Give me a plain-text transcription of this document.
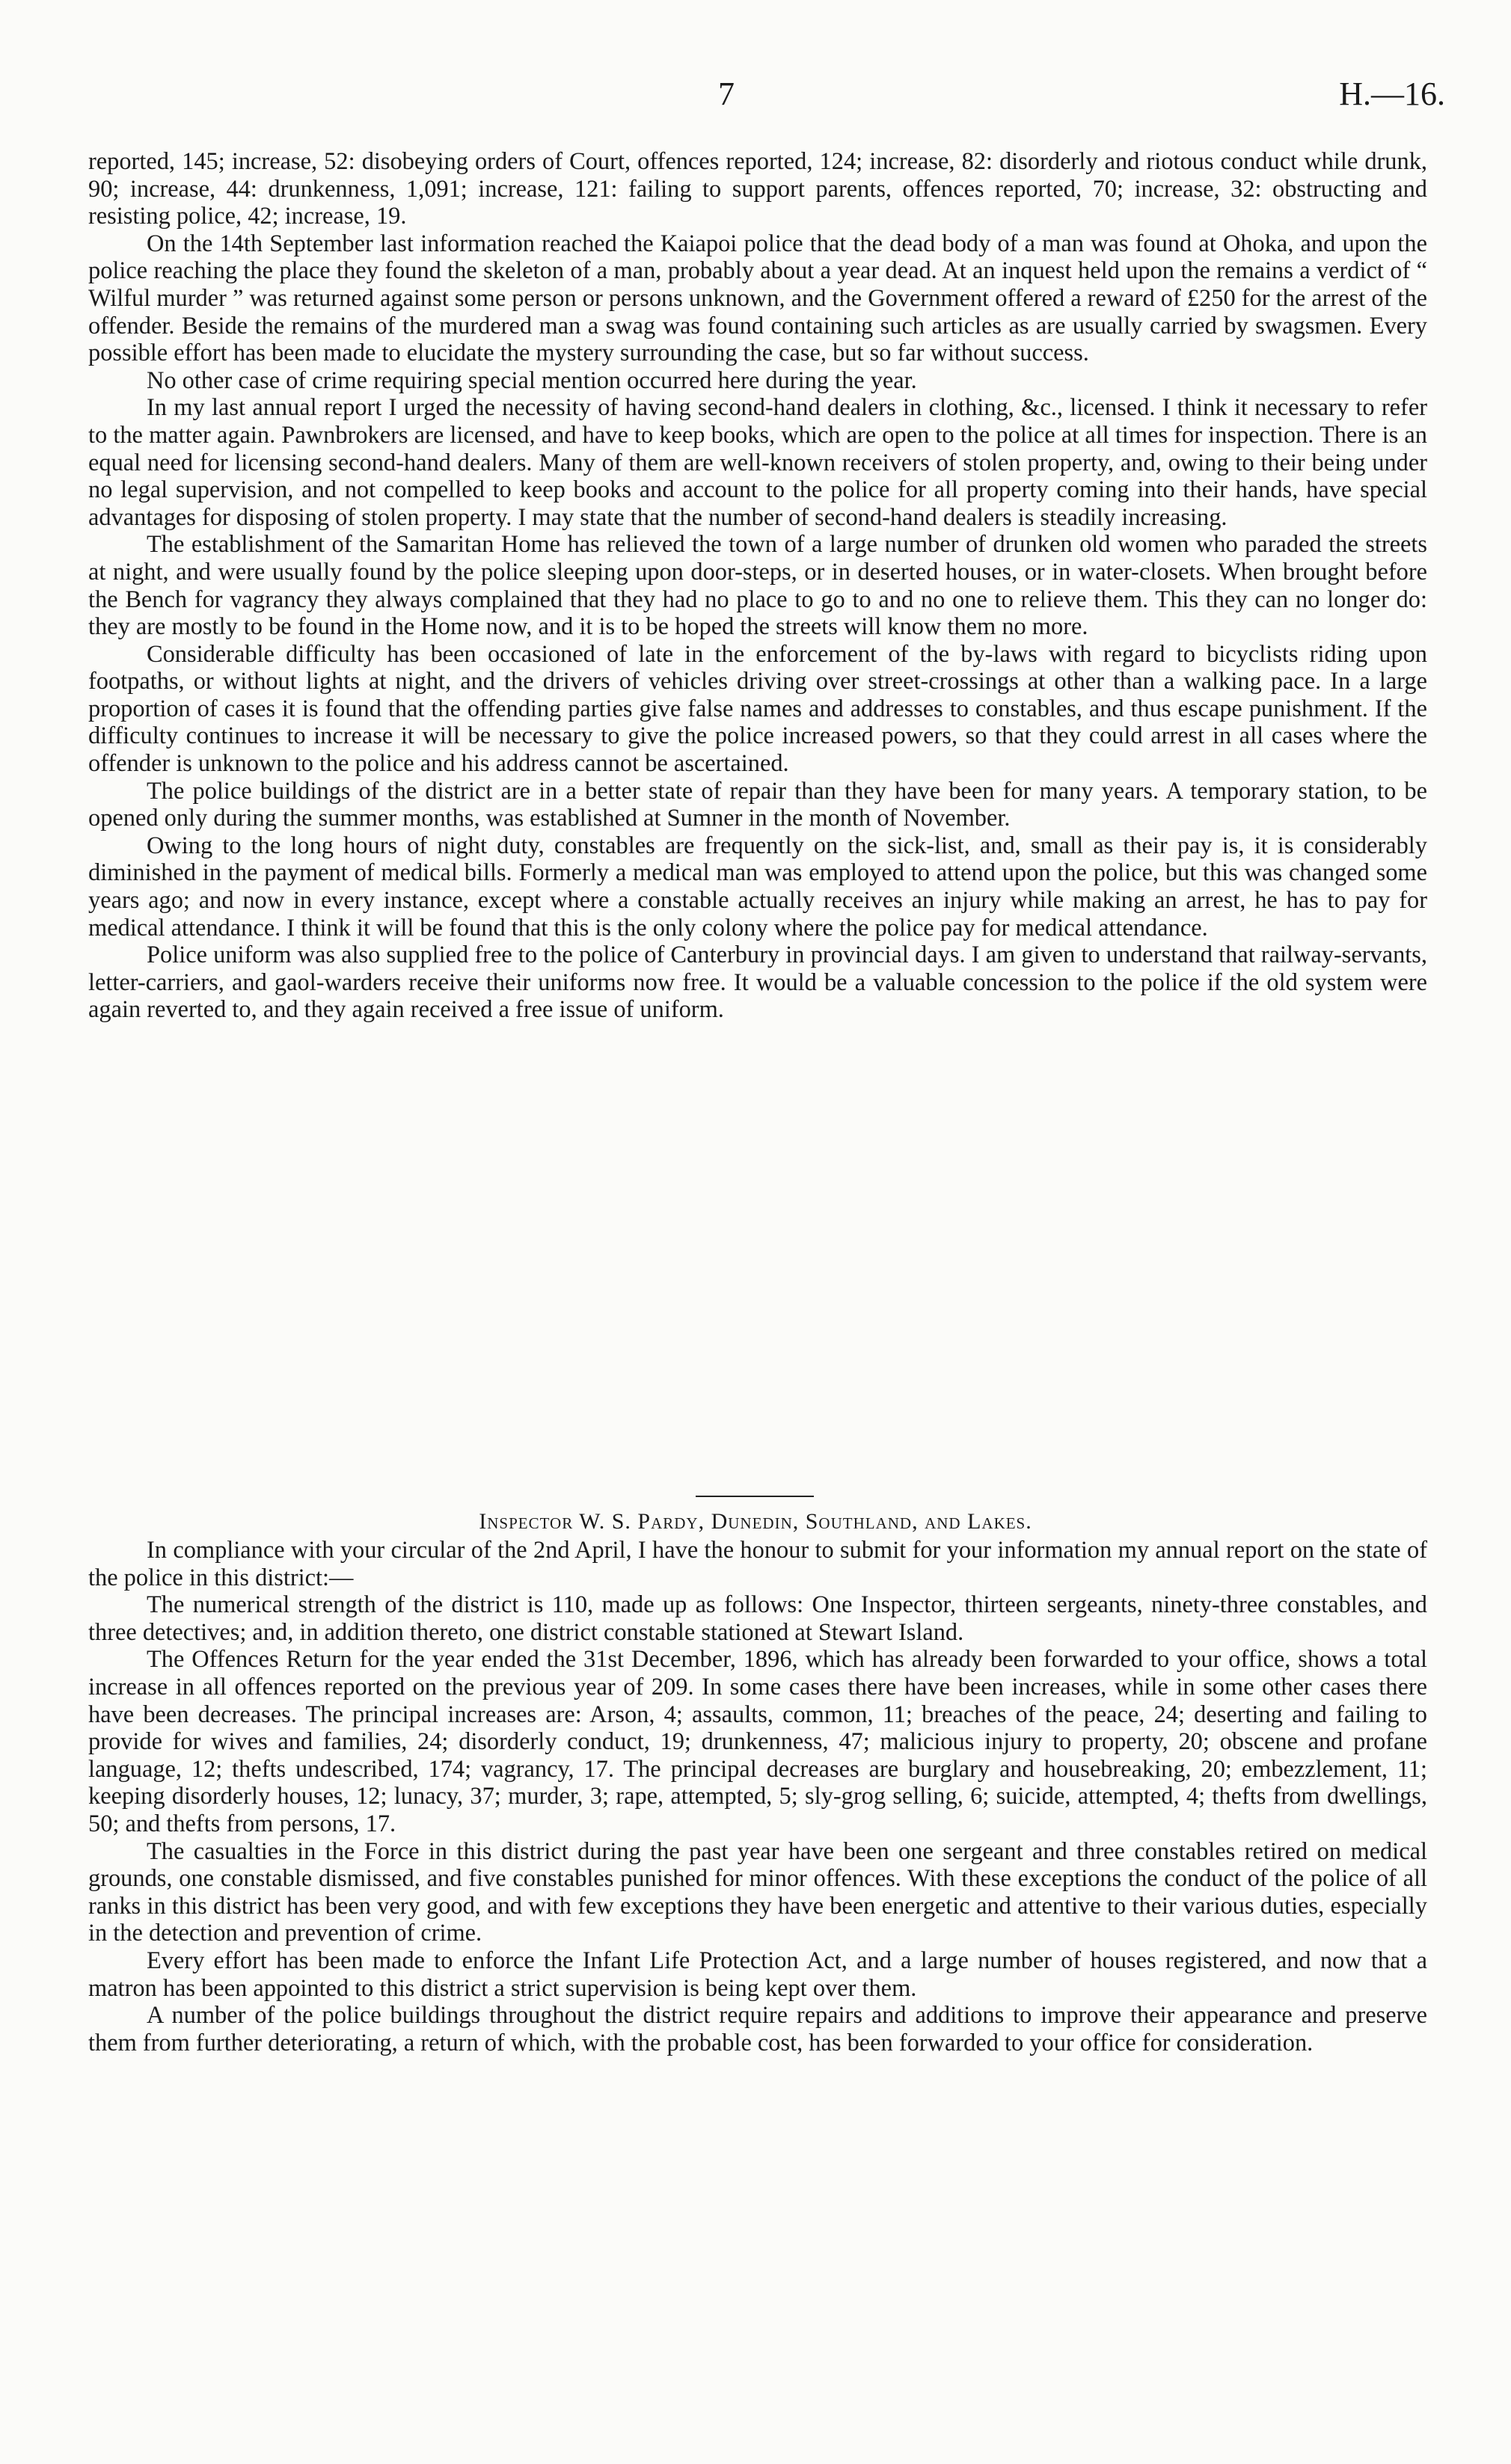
7	H.—16.

reported, 145; increase, 52: disobeying orders of Court, offences reported, 124; increase, 82: disorderly and riotous conduct while drunk, 90; increase, 44: drunkenness, 1,091; increase, 121: failing to support parents, offences reported, 70; increase, 32: obstructing and resisting police, 42; increase, 19.

On the 14th September last information reached the Kaiapoi police that the dead body of a man was found at Ohoka, and upon the police reaching the place they found the skeleton of a man, probably about a year dead. At an inquest held upon the remains a verdict of “ Wilful murder ” was returned against some person or persons unknown, and the Government offered a reward of £250 for the arrest of the offender. Beside the remains of the murdered man a swag was found containing such articles as are usually carried by swagsmen. Every possible effort has been made to elucidate the mystery surrounding the case, but so far without success.

No other case of crime requiring special mention occurred here during the year.

In my last annual report I urged the necessity of having second-hand dealers in clothing, &c., licensed. I think it necessary to refer to the matter again. Pawnbrokers are licensed, and have to keep books, which are open to the police at all times for inspection. There is an equal need for licensing second-hand dealers. Many of them are well-known receivers of stolen property, and, owing to their being under no legal supervision, and not compelled to keep books and account to the police for all property coming into their hands, have special advantages for disposing of stolen property. I may state that the number of second-hand dealers is steadily increasing.

The establishment of the Samaritan Home has relieved the town of a large number of drunken old women who paraded the streets at night, and were usually found by the police sleeping upon door-steps, or in deserted houses, or in water-closets. When brought before the Bench for vagrancy they always complained that they had no place to go to and no one to relieve them. This they can no longer do: they are mostly to be found in the Home now, and it is to be hoped the streets will know them no more.

Considerable difficulty has been occasioned of late in the enforcement of the by-laws with regard to bicyclists riding upon footpaths, or without lights at night, and the drivers of vehicles driving over street-crossings at other than a walking pace. In a large proportion of cases it is found that the offending parties give false names and addresses to constables, and thus escape punishment. If the difficulty continues to increase it will be necessary to give the police increased powers, so that they could arrest in all cases where the offender is unknown to the police and his address cannot be ascertained.

The police buildings of the district are in a better state of repair than they have been for many years. A temporary station, to be opened only during the summer months, was established at Sumner in the month of November.

Owing to the long hours of night duty, constables are frequently on the sick-list, and, small as their pay is, it is considerably diminished in the payment of medical bills. Formerly a medical man was employed to attend upon the police, but this was changed some years ago; and now in every instance, except where a constable actually receives an injury while making an arrest, he has to pay for medical attendance. I think it will be found that this is the only colony where the police pay for medical attendance.

Police uniform was also supplied free to the police of Canterbury in provincial days. I am given to understand that railway-servants, letter-carriers, and gaol-warders receive their uniforms now free. It would be a valuable concession to the police if the old system were again reverted to, and they again received a free issue of uniform.

Inspector W. S. Pardy, Dunedin, Southland, and Lakes.

In compliance with your circular of the 2nd April, I have the honour to submit for your information my annual report on the state of the police in this district:—

The numerical strength of the district is 110, made up as follows: One Inspector, thirteen sergeants, ninety-three constables, and three detectives; and, in addition thereto, one district constable stationed at Stewart Island.

The Offences Return for the year ended the 31st December, 1896, which has already been forwarded to your office, shows a total increase in all offences reported on the previous year of 209. In some cases there have been increases, while in some other cases there have been decreases. The principal increases are: Arson, 4; assaults, common, 11; breaches of the peace, 24; deserting and failing to provide for wives and families, 24; disorderly conduct, 19; drunkenness, 47; malicious injury to property, 20; obscene and profane language, 12; thefts undescribed, 174; vagrancy, 17. The principal decreases are burglary and housebreaking, 20; embezzlement, 11; keeping disorderly houses, 12; lunacy, 37; murder, 3; rape, attempted, 5; sly-grog selling, 6; suicide, attempted, 4; thefts from dwellings, 50; and thefts from persons, 17.

The casualties in the Force in this district during the past year have been one sergeant and three constables retired on medical grounds, one constable dismissed, and five constables punished for minor offences. With these exceptions the conduct of the police of all ranks in this district has been very good, and with few exceptions they have been energetic and attentive to their various duties, especially in the detection and prevention of crime.

Every effort has been made to enforce the Infant Life Protection Act, and a large number of houses registered, and now that a matron has been appointed to this district a strict supervision is being kept over them.

A number of the police buildings throughout the district require repairs and additions to improve their appearance and preserve them from further deteriorating, a return of which, with the probable cost, has been forwarded to your office for consideration.
